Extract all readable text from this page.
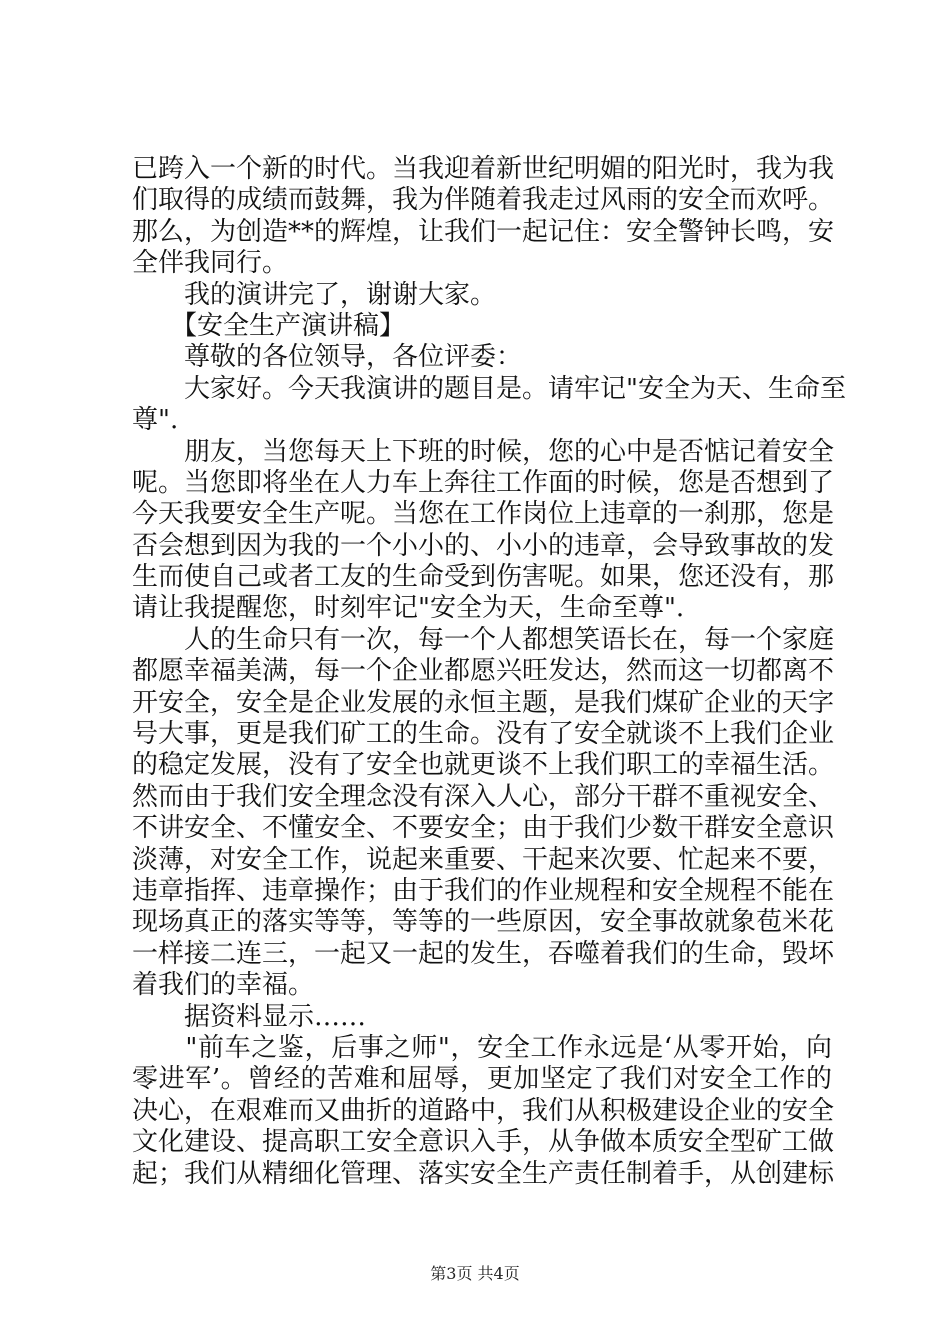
已跨入一个新的时代。当我迎着新世纪明媚的阳光时，我为我
们取得的成绩而鼓舞，我为伴随着我走过风雨的安全而欢呼。
那么，为创造**的辉煌，让我们一起记住：安全警钟长鸣，安
全伴我同行。
　　我的演讲完了，谢谢大家。
　　【安全生产演讲稿】
　　尊敬的各位领导，各位评委：
　　大家好。今天我演讲的题目是。请牢记"安全为天、生命至
尊".
　　朋友，当您每天上下班的时候，您的心中是否惦记着安全
呢。当您即将坐在人力车上奔往工作面的时候，您是否想到了
今天我要安全生产呢。当您在工作岗位上违章的一刹那，您是
否会想到因为我的一个小小的、小小的违章，会导致事故的发
生而使自己或者工友的生命受到伤害呢。如果，您还没有，那
请让我提醒您，时刻牢记"安全为天，生命至尊".
　　人的生命只有一次，每一个人都想笑语长在，每一个家庭
都愿幸福美满，每一个企业都愿兴旺发达，然而这一切都离不
开安全，安全是企业发展的永恒主题，是我们煤矿企业的天字
号大事，更是我们矿工的生命。没有了安全就谈不上我们企业
的稳定发展，没有了安全也就更谈不上我们职工的幸福生活。
然而由于我们安全理念没有深入人心，部分干群不重视安全、
不讲安全、不懂安全、不要安全；由于我们少数干群安全意识
淡薄，对安全工作，说起来重要、干起来次要、忙起来不要，
违章指挥、违章操作；由于我们的作业规程和安全规程不能在
现场真正的落实等等，等等的一些原因，安全事故就象苞米花
一样接二连三，一起又一起的发生，吞噬着我们的生命，毁坏
着我们的幸福。
　　据资料显示……
　　"前车之鉴，后事之师"，安全工作永远是‘从零开始，向
零进军’。曾经的苦难和屈辱，更加坚定了我们对安全工作的
决心，在艰难而又曲折的道路中，我们从积极建设企业的安全
文化建设、提高职工安全意识入手，从争做本质安全型矿工做
起；我们从精细化管理、落实安全生产责任制着手，从创建标
第3页 共4页
